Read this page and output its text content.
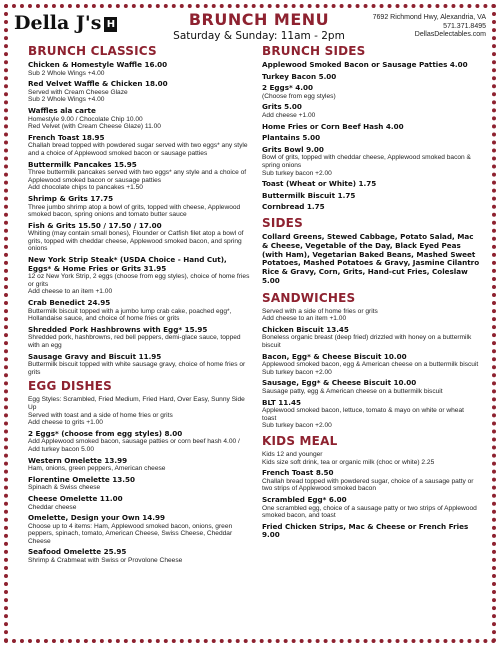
Della J's H	BRUNCH MENU
Saturday & Sunday: 11am - 2pm
7692 Richmond Hwy, Alexandria, VA
571.371.8495
DellasDelectables.com
BRUNCH CLASSICS
Chicken & Homestyle Waffle 16.00
Sub 2 Whole Wings +4.00
Red Velvet Waffle & Chicken 18.00
Served with Cream Cheese Glaze
Sub 2 Whole Wings +4.00
Waffles ala carte
Homestyle 9.00 / Chocolate Chip 10.00
Red Velvet (with Cream Cheese Glaze) 11.00
French Toast 18.95
Challah bread topped with powdered sugar served with two eggs* any style and a choice of Applewood smoked bacon or sausage patties
Buttermilk Pancakes 15.95
Three buttermilk pancakes served with two eggs* any style and a choice of Applewood smoked bacon or sausage patties
Add chocolate chips to pancakes +1.50
Shrimp & Grits 17.75
Three jumbo shrimp atop a bowl of grits, topped with cheese, Applewood smoked bacon, spring onions and tomato butter sauce
Fish & Grits 15.50 / 17.50 / 17.00
Whiting (may contain small bones), Flounder or Catfish filet atop a bowl of grits, topped with cheddar cheese, Applewood smoked bacon, and spring onions
New York Strip Steak* (USDA Choice - Hand Cut), Eggs* & Home Fries or Grits 31.95
12 oz New York Strip, 2 eggs (choose from egg styles), choice of home fries or grits
Add cheese to an item +1.00
Crab Benedict 24.95
Buttermilk biscuit topped with a jumbo lump crab cake, poached egg*, Hollandaise sauce, and choice of home fries or grits
Shredded Pork Hashbrowns with Egg* 15.95
Shredded pork, hashbrowns, red bell peppers, demi-glace sauce, topped with an egg
Sausage Gravy and Biscuit 11.95
Buttermilk biscuit topped with white sausage gravy, choice of home fries or grits
EGG DISHES
Egg Styles: Scrambled, Fried Medium, Fried Hard, Over Easy, Sunny Side Up
Served with toast and a side of home fries or grits
Add cheese to grits +1.00
2 Eggs* (choose from egg styles) 8.00
Add Applewood smoked bacon, sausage patties or corn beef hash 4.00 / Add turkey bacon 5.00
Western Omelette 13.99
Ham, onions, green peppers, American cheese
Florentine Omelette 13.50
Spinach & Swiss cheese
Cheese Omelette 11.00
Cheddar cheese
Omelette, Design your Own 14.99
Choose up to 4 items: Ham, Applewood smoked bacon, onions, green peppers, spinach, tomato, American Cheese, Swiss Cheese, Cheddar Cheese
Seafood Omelette 25.95
Shrimp & Crabmeat with Swiss or Provolone Cheese
BRUNCH SIDES
Applewood Smoked Bacon or Sausage Patties 4.00
Turkey Bacon 5.00
2 Eggs* 4.00
(Choose from egg styles)
Grits 5.00
Add cheese +1.00
Home Fries or Corn Beef Hash 4.00
Plantains 5.00
Grits Bowl 9.00
Bowl of grits, topped with cheddar cheese, Applewood smoked bacon & spring onions
Sub turkey bacon +2.00
Toast (Wheat or White) 1.75
Buttermilk Biscuit 1.75
Cornbread 1.75
SIDES
Collard Greens, Stewed Cabbage, Potato Salad, Mac & Cheese, Vegetable of the Day, Black Eyed Peas (with Ham), Vegetarian Baked Beans, Mashed Sweet Potatoes, Mashed Potatoes & Gravy, Jasmine Cilantro Rice & Gravy, Corn, Grits, Hand-cut Fries, Coleslaw 5.00
SANDWICHES
Served with a side of home fries or grits
Add cheese to an item +1.00
Chicken Biscuit 13.45
Boneless organic breast (deep fried) drizzled with honey on a buttermilk biscuit
Bacon, Egg* & Cheese Biscuit 10.00
Applewood smoked bacon, egg & American cheese on a buttermilk biscuit
Sub turkey bacon +2.00
Sausage, Egg* & Cheese Biscuit 10.00
Sausage patty, egg & American cheese on a buttermilk biscuit
BLT 11.45
Applewood smoked bacon, lettuce, tomato & mayo on white or wheat toast
Sub turkey bacon +2.00
KIDS MEAL
Kids 12 and younger
Kids size soft drink, tea or organic milk (choc or white) 2.25
French Toast 8.50
Challah bread topped with powdered sugar, choice of a sausage patty or two strips of Applewood smoked bacon
Scrambled Egg* 6.00
One scrambled egg, choice of a sausage patty or two strips of Applewood smoked bacon, and toast
Fried Chicken Strips, Mac & Cheese or French Fries 9.00
